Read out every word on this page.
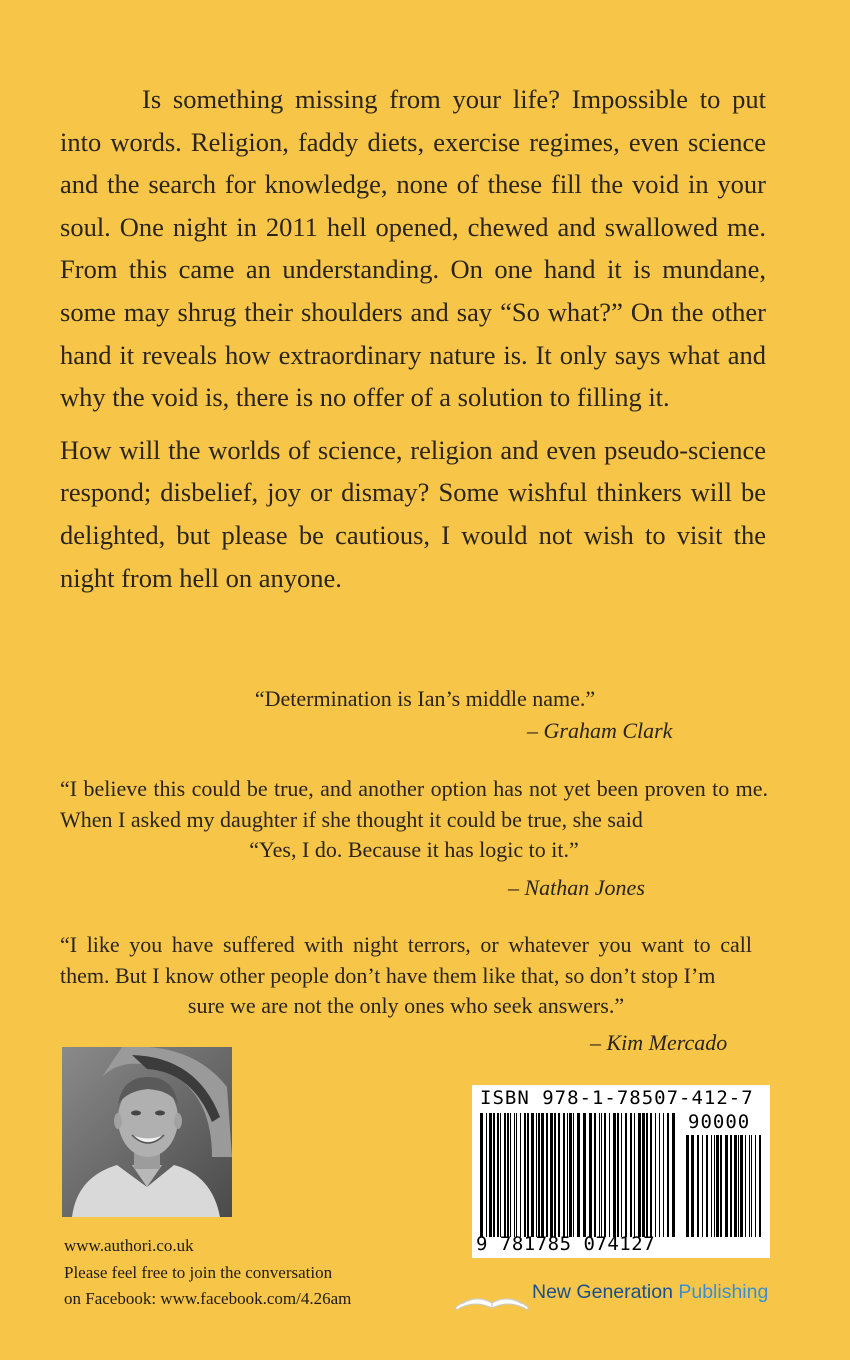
Is something missing from your life? Impossible to put into words. Religion, faddy diets, exercise regimes, even science and the search for knowledge, none of these fill the void in your soul. One night in 2011 hell opened, chewed and swallowed me. From this came an understanding. On one hand it is mundane, some may shrug their shoulders and say “So what?” On the other hand it reveals how extraordinary nature is. It only says what and why the void is, there is no offer of a solution to filling it.

How will the worlds of science, religion and even pseudo-science respond; disbelief, joy or dismay? Some wishful thinkers will be delighted, but please be cautious, I would not wish to visit the night from hell on anyone.

“Determination is Ian’s middle name.”
– Graham Clark
“I believe this could be true, and another option has not yet been proven to me. When I asked my daughter if she thought it could be true, she said
“Yes, I do. Because it has logic to it.”
– Nathan Jones
“I like you have suffered with night terrors, or whatever you want to call them. But I know other people don’t have them like that, so don’t stop I’m
sure we are not the only ones who seek answers.”
– Kim Mercado
www.authori.co.uk
Please feel free to join the conversation
on Facebook: www.facebook.com/4.26am
ISBN 978-1-78507-412-7
90000
9 781785 074127
New Generation Publishing
